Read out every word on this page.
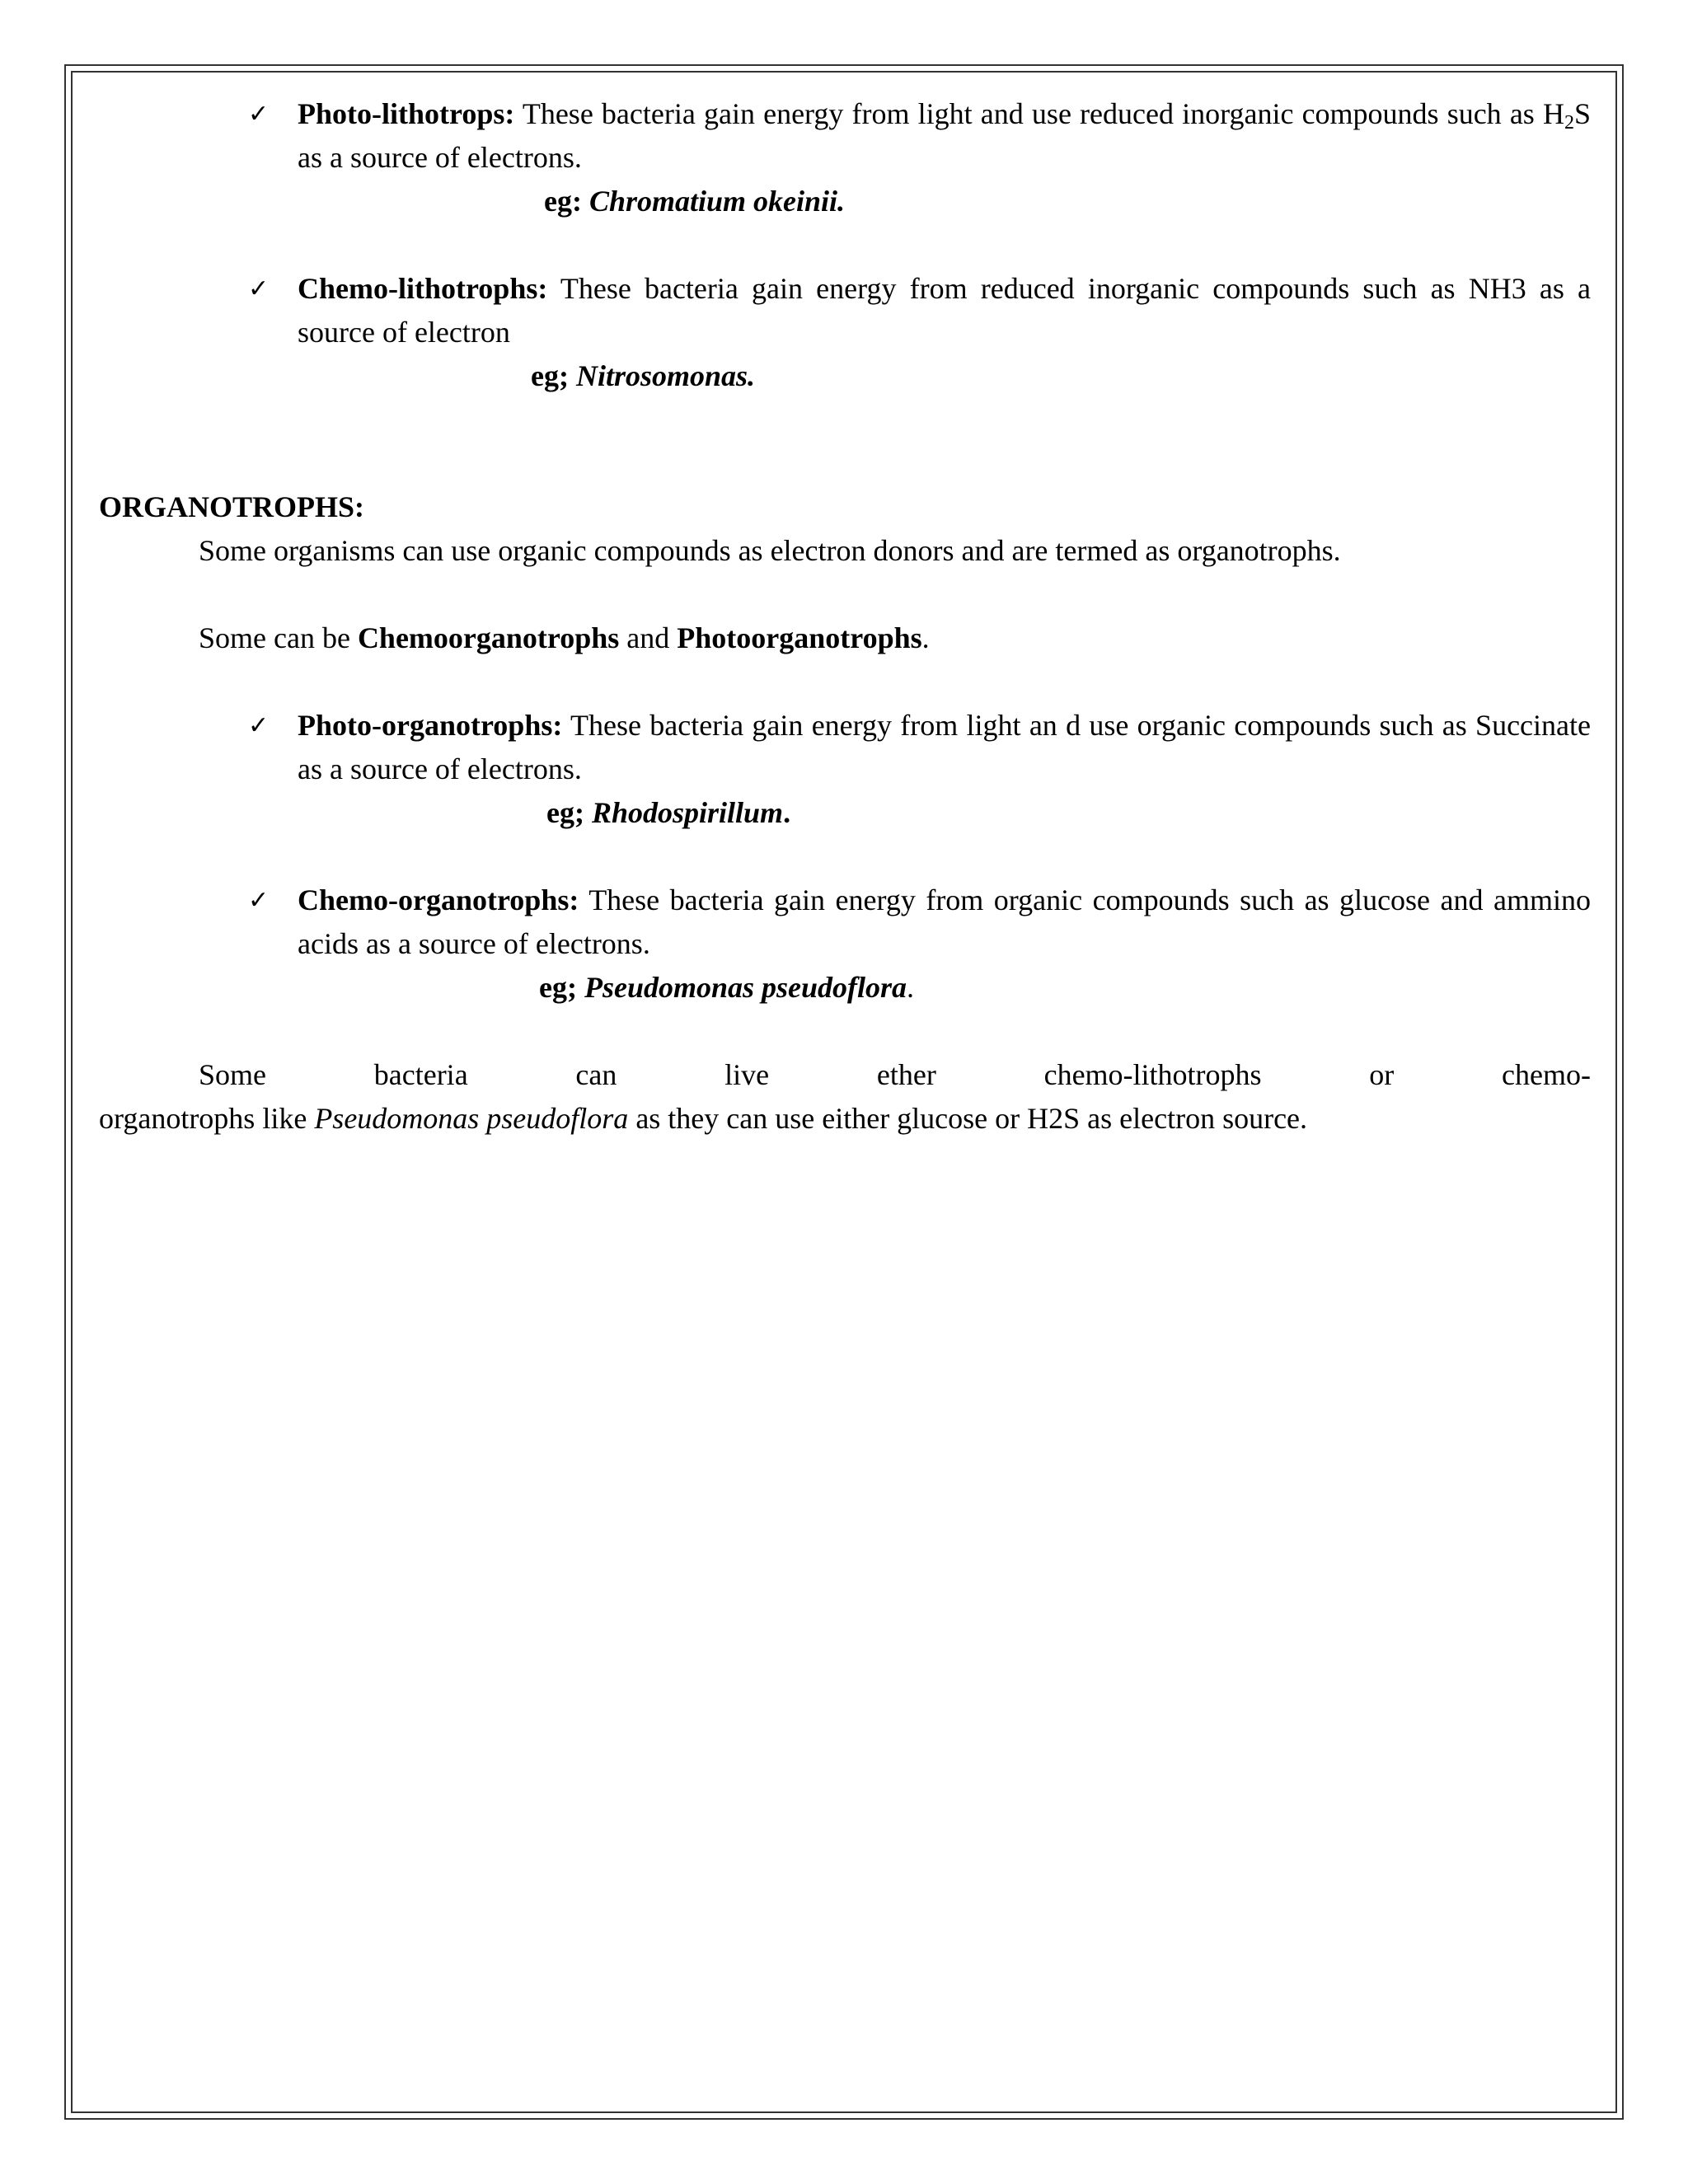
✓ Photo-lithotrops: These bacteria gain energy from light and use reduced inorganic compounds such as $H_2S$ as a source of electrons.
eg: Chromatium okeinii.
✓ Chemo-lithotrophs: These bacteria gain energy from reduced inorganic compounds such as NH3 as a source of electron
eg; Nitrosomonas.

ORGANOTROPHS:

Some organisms can use organic compounds as electron donors and are termed as organotrophs.

Some can be Chemoorganotrophs and Photoorganotrophs.

✓ Photo-organotrophs: These bacteria gain energy from light an d use organic compounds such as Succinate as a source of electrons.
eg; Rhodospirillum.
✓ Chemo-organotrophs: These bacteria gain energy from organic compounds such as glucose and ammino acids as a source of electrons.
eg; Pseudomonas pseudoflora.

Some bacteria can live ether chemo-lithotrophs or chemo-

organotrophs like Pseudomonas pseudoflora as they can use either glucose or H2S as electron source.
